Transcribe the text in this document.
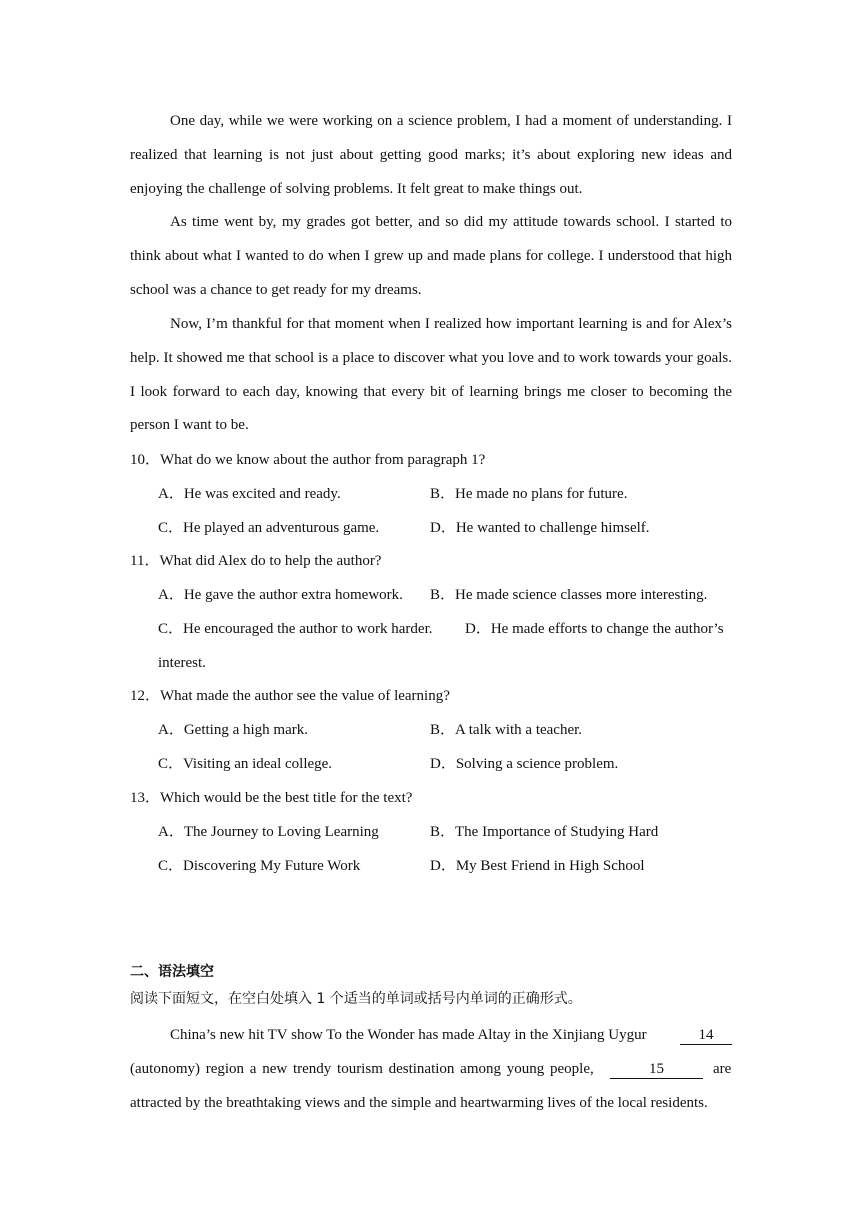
One day, while we were working on a science problem, I had a moment of understanding. I realized that learning is not just about getting good marks; it’s about exploring new ideas and enjoying the challenge of solving problems. It felt great to make things out.
As time went by, my grades got better, and so did my attitude towards school. I started to think about what I wanted to do when I grew up and made plans for college. I understood that high school was a chance to get ready for my dreams.
Now, I’m thankful for that moment when I realized how important learning is and for Alex’s help. It showed me that school is a place to discover what you love and to work towards your goals. I look forward to each day, knowing that every bit of learning brings me closer to becoming the person I want to be.
10．What do we know about the author from paragraph 1?
A．He was excited and ready.	B．He made no plans for future.
C．He played an adventurous game.	D．He wanted to challenge himself.
11．What did Alex do to help the author?
A．He gave the author extra homework. B．He made science classes more interesting.
C．He encouraged the author to work harder. D．He made efforts to change the author’s
interest.
12．What made the author see the value of learning?
A．Getting a high mark.	B．A talk with a teacher.
C．Visiting an ideal college.	D．Solving a science problem.
13．Which would be the best title for the text?
A．The Journey to Loving Learning	B．The Importance of Studying Hard
C．Discovering My Future Work	D．My Best Friend in High School
二、语法填空
阅读下面短文，在空白处填入 1 个适当的单词或括号内单词的正确形式。
China’s new hit TV show To the Wonder has made Altay in the Xinjiang Uygur	14
(autonomy) region a new trendy tourism destination among young people,	15	are
attracted by the breathtaking views and the simple and heartwarming lives of the local residents.
